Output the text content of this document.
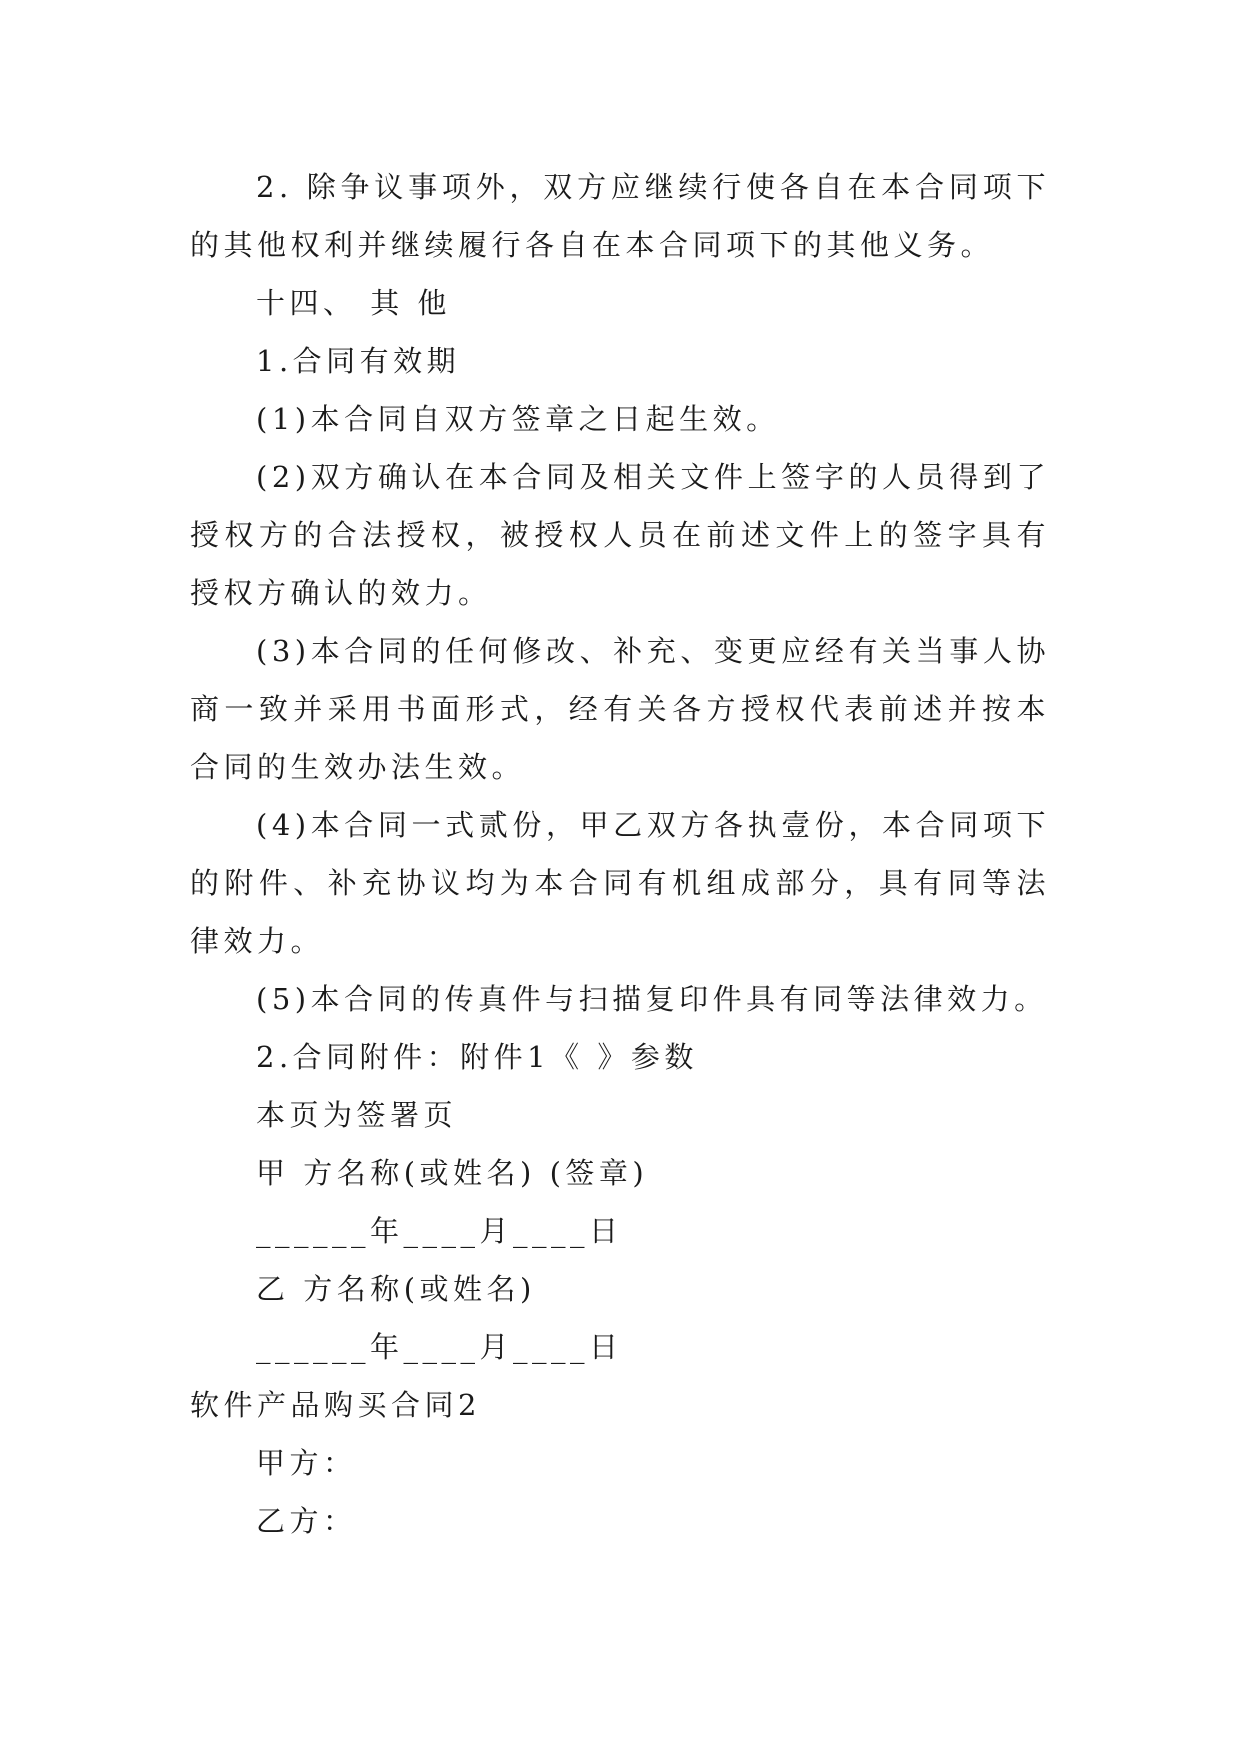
2. 除争议事项外，双方应继续行使各自在本合同项下的其他权利并继续履行各自在本合同项下的其他义务。

十四、 其 他

1.合同有效期

(1)本合同自双方签章之日起生效。

(2)双方确认在本合同及相关文件上签字的人员得到了授权方的合法授权，被授权人员在前述文件上的签字具有授权方确认的效力。

(3)本合同的任何修改、补充、变更应经有关当事人协商一致并采用书面形式，经有关各方授权代表前述并按本合同的生效办法生效。

(4)本合同一式贰份，甲乙双方各执壹份，本合同项下的附件、补充协议均为本合同有机组成部分，具有同等法律效力。

(5)本合同的传真件与扫描复印件具有同等法律效力。

2.合同附件：附件1《 》参数

本页为签署页

甲 方名称(或姓名) (签章)

______年____月____日

乙 方名称(或姓名)

______年____月____日

软件产品购买合同2

甲方：

乙方：
